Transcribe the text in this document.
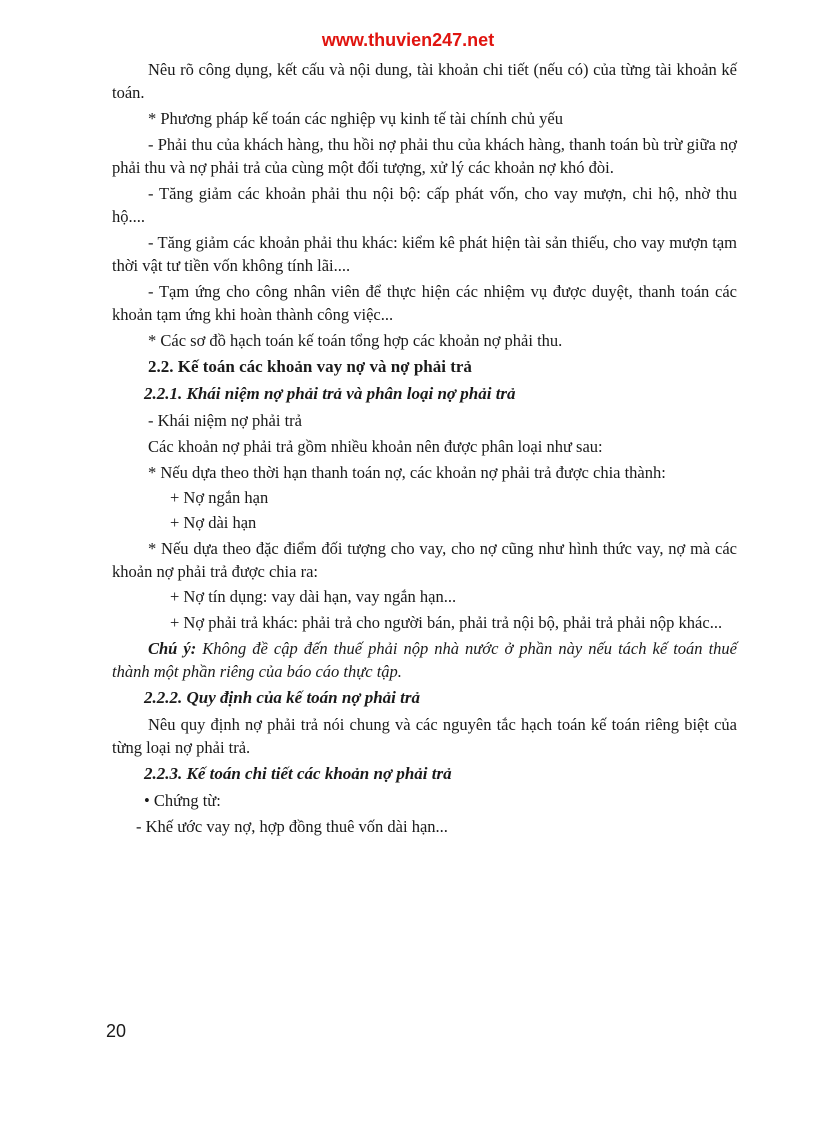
www.thuvien247.net

Nêu rõ công dụng, kết cấu và nội dung, tài khoản chi tiết (nếu có) của từng tài khoản kế toán.

* Phương pháp kế toán các nghiệp vụ kinh tế tài chính chủ yếu

- Phải thu của khách hàng, thu hồi nợ phải thu của khách hàng, thanh toán bù trừ giữa nợ phải thu và nợ phải trả của cùng một đối tượng, xử lý các khoản nợ khó đòi.

- Tăng giảm các khoản phải thu nội bộ: cấp phát vốn, cho vay mượn, chi hộ, nhờ thu hộ....

- Tăng giảm các khoản phải thu khác: kiểm kê phát hiện tài sản thiếu, cho vay mượn tạm thời vật tư tiền vốn không tính lãi....

- Tạm ứng cho công nhân viên để thực hiện các nhiệm vụ được duyệt, thanh toán các khoản tạm ứng khi hoàn thành công việc...

* Các sơ đồ hạch toán kế toán tổng hợp các khoản nợ phải thu.

2.2. Kế toán các khoản vay nợ và nợ phải trả

2.2.1. Khái niệm nợ phải trả và phân loại nợ phải trả

- Khái niệm nợ phải trả

Các khoản nợ phải trả gồm nhiều khoản nên được phân loại như sau:

* Nếu dựa theo thời hạn thanh toán nợ, các khoản nợ phải trả được chia thành:

+ Nợ ngắn hạn

+ Nợ dài hạn

* Nếu dựa theo đặc điểm đối tượng cho vay, cho nợ cũng như hình thức vay, nợ mà các khoản nợ phải trả được chia ra:

+ Nợ tín dụng: vay dài hạn, vay ngắn hạn...

+ Nợ phải trả khác: phải trả cho người bán, phải trả nội bộ, phải trả phải nộp khác...

Chú ý: Không đề cập đến thuế phải nộp nhà nước ở phần này nếu tách kế toán thuế thành một phần riêng của báo cáo thực tập.

2.2.2. Quy định của kế toán nợ phải trả

Nêu quy định nợ phải trả nói chung và các nguyên tắc hạch toán kế toán riêng biệt của từng loại nợ phải trả.

2.2.3. Kế toán chi tiết các khoản nợ phải trả

• Chứng từ:

- Khế ước vay nợ, hợp đồng thuê vốn dài hạn...

20
